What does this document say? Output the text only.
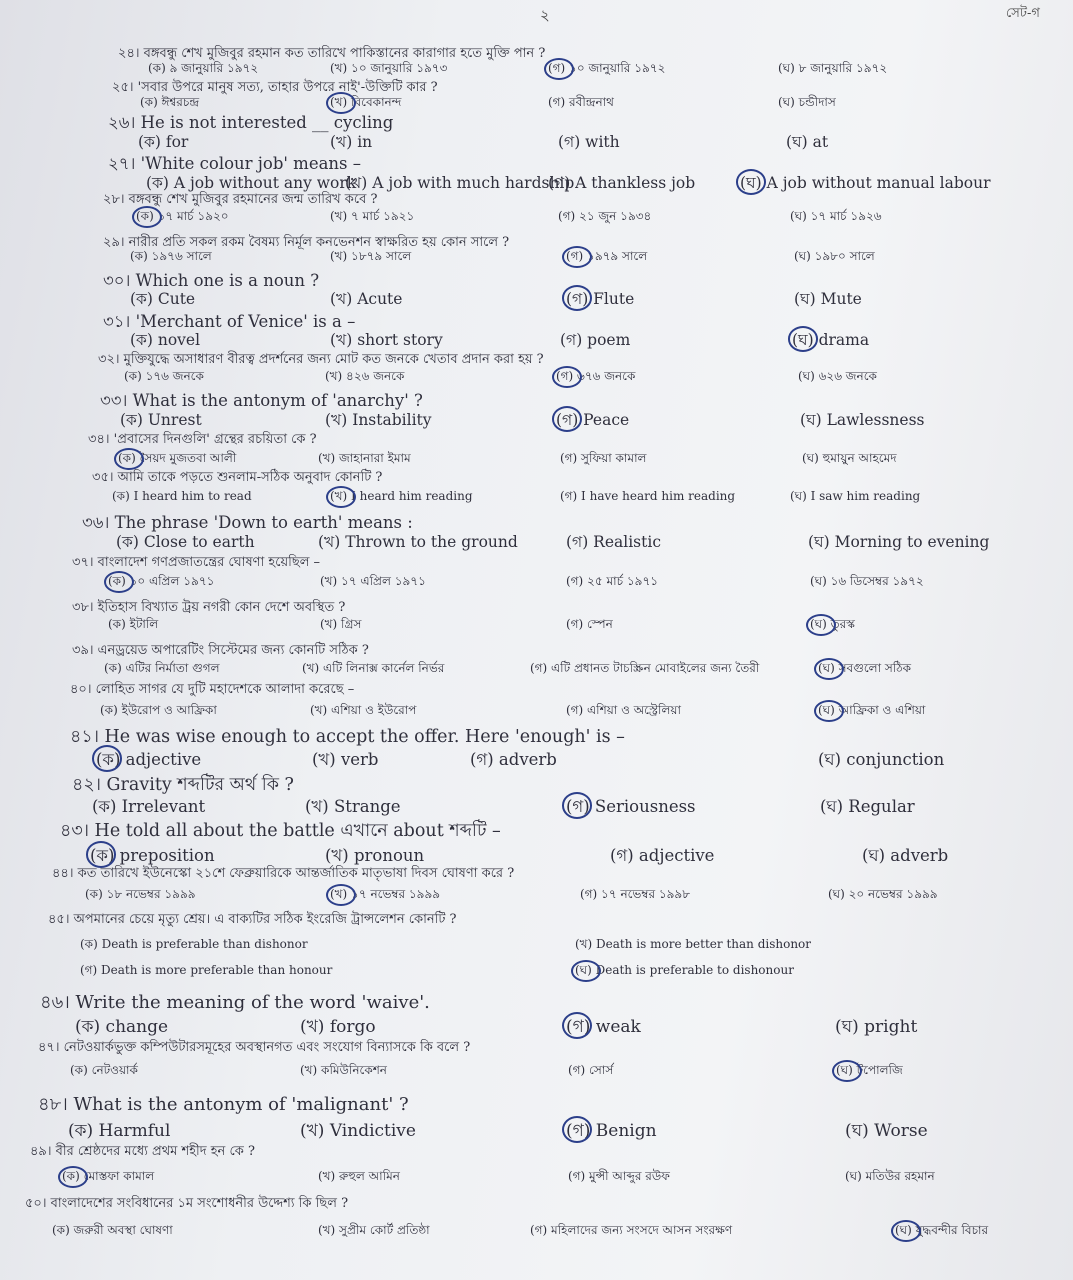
২	সেট-গ
২৪। বঙ্গবন্ধু শেখ মুজিবুর রহমান কত তারিখে পাকিস্তানের কারাগার হতে মুক্তি পান ?
(ক) ৯ জানুয়ারি ১৯৭২	(খ) ১০ জানুয়ারি ১৯৭৩	(গ) ১০ জানুয়ারি ১৯৭২	(ঘ) ৮ জানুয়ারি ১৯৭২
২৫। 'সবার উপরে মানুষ সত্য, তাহার উপরে নাই'-উক্তিটি কার ?
(ক) ঈশ্বরচন্দ্র	(খ) বিবেকানন্দ	(গ) রবীন্দ্রনাথ	(ঘ) চন্ডীদাস
২৬। He is not interested __ cycling
(ক) for	(খ) in	(গ) with	(ঘ) at
২৭। 'White colour job' means –
(ক) A job without any work
(খ) A job with much hardship
(গ) A thankless job	(ঘ) A job without manual labour
২৮। বঙ্গবন্ধু শেখ মুজিবুর রহমানের জন্ম তারিখ কবে ?
(ক) ১৭ মার্চ ১৯২০	(খ) ৭ মার্চ ১৯২১	(গ) ২১ জুন ১৯৩৪	(ঘ) ১৭ মার্চ ১৯২৬
২৯। নারীর প্রতি সকল রকম বৈষম্য নির্মূল কনভেনশন স্বাক্ষরিত হয় কোন সালে ?
(ক) ১৯৭৬ সালে	(খ) ১৮৭৯ সালে	(গ) ১৯৭৯ সালে	(ঘ) ১৯৮০ সালে
৩০। Which one is a noun ?
(ক) Cute	(খ) Acute	(গ) Flute	(ঘ) Mute
৩১। 'Merchant of Venice' is a –
(ক) novel	(খ) short story	(গ) poem	(ঘ) drama
৩২। মুক্তিযুদ্ধে অসাধারণ বীরত্ব প্রদর্শনের জন্য মোট কত জনকে খেতাব প্রদান করা হয় ?
(ক) ১৭৬ জনকে	(খ) ৪২৬ জনকে	(গ) ৬৭৬ জনকে	(ঘ) ৬২৬ জনকে
৩৩। What is the antonym of 'anarchy' ?
(ক) Unrest	(খ) Instability	(গ) Peace	(ঘ) Lawlessness
৩৪। 'প্রবাসের দিনগুলি' গ্রন্থের রচয়িতা কে ?
(ক) সৈয়দ মুজতবা আলী	(খ) জাহানারা ইমাম	(গ) সুফিয়া কামাল	(ঘ) হুমায়ুন আহমেদ
৩৫। আমি তাকে পড়তে শুনলাম-সঠিক অনুবাদ কোনটি ?
(ক) I heard him to read	(খ) I heard him reading	(গ) I have heard him reading	(ঘ) I saw him reading
৩৬। The phrase 'Down to earth' means :
(ক) Close to earth	(খ) Thrown to the ground	(গ) Realistic	(ঘ) Morning to evening
৩৭। বাংলাদেশ গণপ্রজাতন্ত্রের ঘোষণা হয়েছিল –
(ক) ১০ এপ্রিল ১৯৭১	(খ) ১৭ এপ্রিল ১৯৭১	(গ) ২৫ মার্চ ১৯৭১	(ঘ) ১৬ ডিসেম্বর ১৯৭২
৩৮। ইতিহাস বিখ্যাত ট্রয় নগরী কোন দেশে অবস্থিত ?
(ক) ইটালি	(খ) গ্রিস	(গ) স্পেন	(ঘ) তুরস্ক
৩৯। এনড্রয়েড অপারেটিং সিস্টেমের জন্য কোনটি সঠিক ?
(ক) এটির নির্মাতা গুগল	(খ) এটি লিনাক্স কার্নেল নির্ভর	(গ) এটি প্রধানত টাচস্ক্রিন মোবাইলের জন্য তৈরী	(ঘ) সবগুলো সঠিক
৪০। লোহিত সাগর যে দুটি মহাদেশকে আলাদা করেছে –
(ক) ইউরোপ ও আফ্রিকা	(খ) এশিয়া ও ইউরোপ	(গ) এশিয়া ও অস্ট্রেলিয়া	(ঘ) আফ্রিকা ও এশিয়া
৪১। He was wise enough to accept the offer. Here 'enough' is –
(ক) adjective	(খ) verb	(গ) adverb	(ঘ) conjunction
৪২। Gravity শব্দটির অর্থ কি ?
(ক) Irrelevant	(খ) Strange	(গ) Seriousness	(ঘ) Regular
৪৩। He told all about the battle এখানে about শব্দটি –
(ক) preposition	(খ) pronoun	(গ) adjective	(ঘ) adverb
৪৪। কত তারিখে ইউনেস্কো ২১শে ফেব্রুয়ারিকে আন্তর্জাতিক মাতৃভাষা দিবস ঘোষণা করে ?
(ক) ১৮ নভেম্বর ১৯৯৯	(খ) ১৭ নভেম্বর ১৯৯৯	(গ) ১৭ নভেম্বর ১৯৯৮	(ঘ) ২০ নভেম্বর ১৯৯৯
৪৫। অপমানের চেয়ে মৃত্যু শ্রেয়। এ বাক্যটির সঠিক ইংরেজি ট্রান্সলেশন কোনটি ?
(ক) Death is preferable than dishonor	(খ) Death is more better than dishonor
(গ) Death is more preferable than honour	(ঘ) Death is preferable to dishonour
৪৬। Write the meaning of the word 'waive'.
(ক) change	(খ) forgo	(গ) weak	(ঘ) pright
৪৭। নেটওয়ার্কভুক্ত কম্পিউটারসমূহের অবস্থানগত এবং সংযোগ বিন্যাসকে কি বলে ?
(ক) নেটওয়ার্ক	(খ) কমিউনিকেশন	(গ) সোর্স	(ঘ) টপোলজি
৪৮। What is the antonym of 'malignant' ?
(ক) Harmful	(খ) Vindictive	(গ) Benign	(ঘ) Worse
৪৯। বীর শ্রেষ্ঠদের মধ্যে প্রথম শহীদ হন কে ?
(ক) মোস্তফা কামাল	(খ) রুহুল আমিন	(গ) মুন্সী আব্দুর রউফ	(ঘ) মতিউর রহমান
৫০। বাংলাদেশের সংবিধানের ১ম সংশোধনীর উদ্দেশ্য কি ছিল ?
(ক) জরুরী অবস্থা ঘোষণা	(খ) সুপ্রীম কোর্ট প্রতিষ্ঠা	(গ) মহিলাদের জন্য সংসদে আসন সংরক্ষণ	(ঘ) যুদ্ধবন্দীর বিচার
